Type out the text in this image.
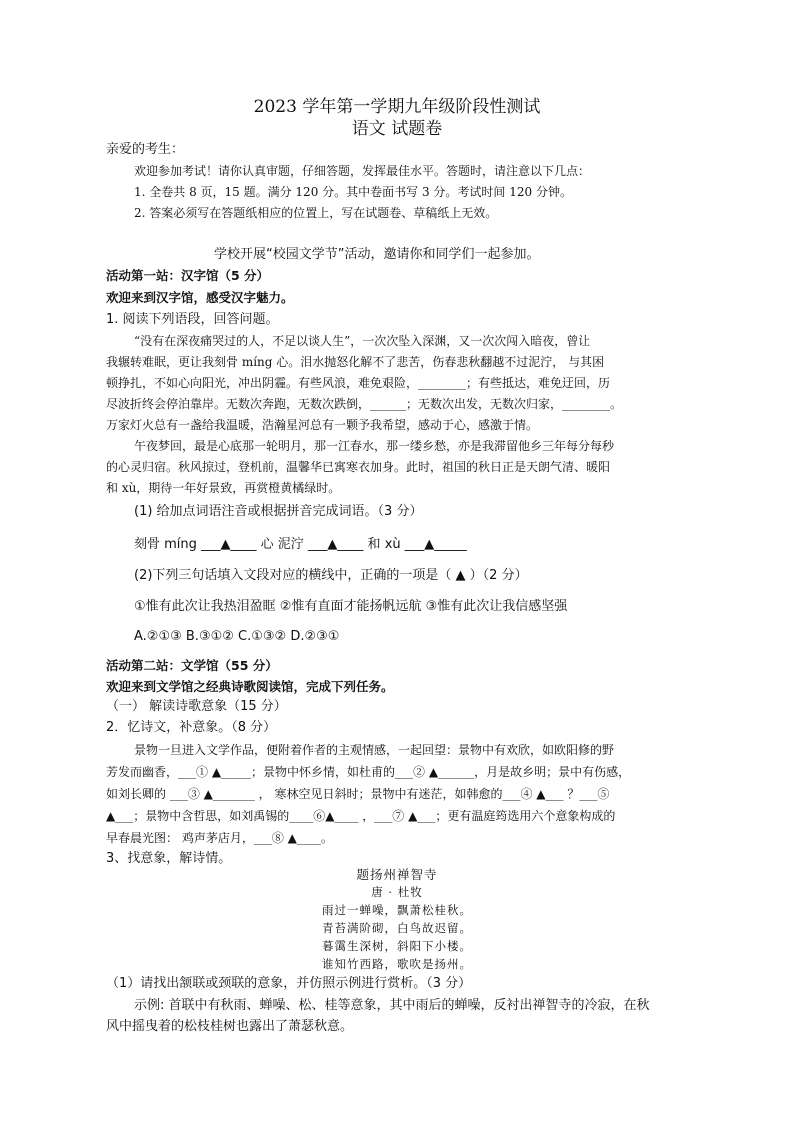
2023 学年第一学期九年级阶段性测试
语文 试题卷
亲爱的考生：
欢迎参加考试！请你认真审题，仔细答题，发挥最佳水平。答题时，请注意以下几点：
1. 全卷共 8 页，15 题。满分 120 分。其中卷面书写 3 分。考试时间 120 分钟。
2. 答案必须写在答题纸相应的位置上，写在试题卷、草稿纸上无效。
学校开展“校园文学节”活动，邀请你和同学们一起参加。
活动第一站：汉字馆（5 分）
欢迎来到汉字馆，感受汉字魅力。
1. 阅读下列语段，回答问题。
“没有在深夜痛哭过的人，不足以谈人生”，一次次坠入深渊，又一次次闯入暗夜，曾让
我辗转难眠，更让我刻骨 míng 心。泪水抛怒化解不了悲苦，伤春悲秋翻越不过泥泞， 与其困
顿挣扎，不如心向阳光，冲出阴霾。有些风浪，难免艰险，________；有些抵达，难免迂回，历
尽波折终会停泊靠岸。无数次奔跑，无数次跌倒，______；无数次出发，无数次归家，________。
万家灯火总有一盏给我温暖，浩瀚星河总有一颗予我希望，感动于心，感激于情。
午夜梦回，最是心底那一轮明月，那一江春水，那一缕乡愁，亦是我滞留他乡三年每分每秒
的心灵归宿。秋风掠过，登机前，温馨华已寓寒衣加身。此时，祖国的秋日正是天朗气清、暖阳
和 xù，期待一年好景致，再赏橙黄橘绿时。
(1) 给加点词语注音或根据拼音完成词语。（3 分）
刻骨 míng ___▲____ 心 泥泞 ___▲____ 和 xù ___▲_____
(2)下列三句话填入文段对应的横线中，正确的一项是（ ▲ ）（2 分）
①惟有此次让我热泪盈眶 ②惟有直面才能扬帆远航 ③惟有此次让我信感坚强
A.②①③ B.③①② C.①③② D.②③①
活动第二站：文学馆（55 分）
欢迎来到文学馆之经典诗歌阅读馆，完成下列任务。
（一） 解读诗歌意象（15 分）
2．忆诗文，补意象。（8 分）
景物一旦进入文学作品，便附着作者的主观情感，一起回望：景物中有欢欣，如欧阳修的野
芳发而幽香，___① ▲_____；景物中怀乡情，如杜甫的___② ▲______，月是故乡明；景中有伤感，
如刘长卿的 ___③ ▲_______ ， 寒林空见日斜时；景物中有迷茫，如韩愈的___④ ▲___ ？___⑤
▲___；景物中含哲思，如刘禹锡的____⑥▲____ ，___⑦ ▲___；更有温庭筠选用六个意象构成的
早春晨光图： 鸡声茅店月，___⑧ ▲____。
3、找意象，解诗情。
题扬州禅智寺
唐 · 杜牧
雨过一蝉噪，飘萧松桂秋。
青苔满阶砌，白鸟故迟留。
暮霭生深树，斜阳下小楼。
谁知竹西路，歌吹是扬州。
（1）请找出颔联或颈联的意象，并仿照示例进行赏析。（3 分）
示例: 首联中有秋雨、蝉噪、松、桂等意象，其中雨后的蝉噪，反衬出禅智寺的冷寂，在秋
风中摇曳着的松枝桂树也露出了萧瑟秋意。
